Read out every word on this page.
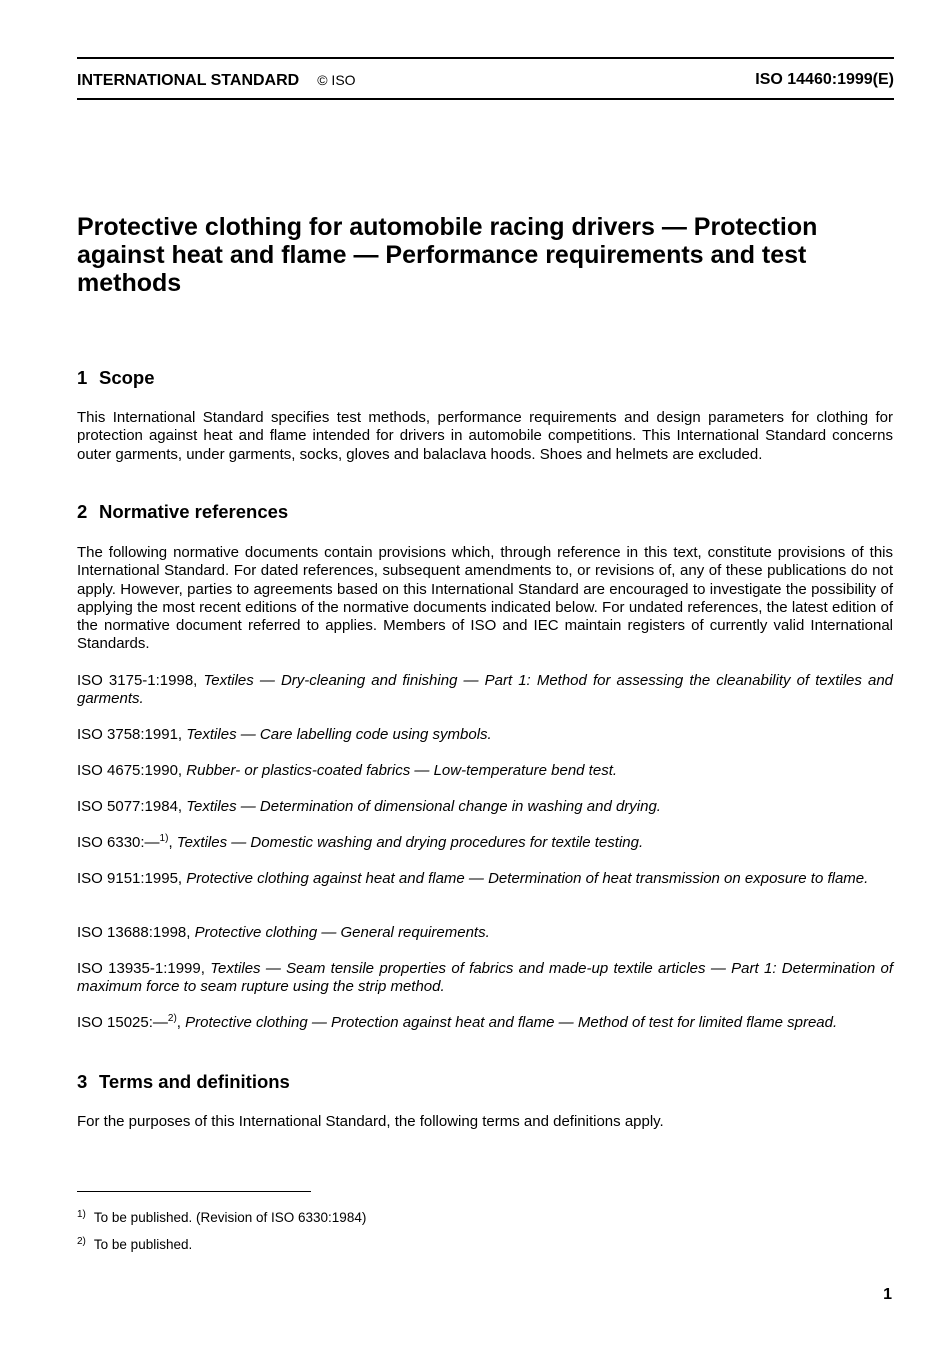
INTERNATIONAL STANDARD © ISO	ISO 14460:1999(E)
Protective clothing for automobile racing drivers — Protection against heat and flame — Performance requirements and test methods
1 Scope

This International Standard specifies test methods, performance requirements and design parameters for clothing for protection against heat and flame intended for drivers in automobile competitions. This International Standard concerns outer garments, under garments, socks, gloves and balaclava hoods. Shoes and helmets are excluded.

2 Normative references

The following normative documents contain provisions which, through reference in this text, constitute provisions of this International Standard. For dated references, subsequent amendments to, or revisions of, any of these publications do not apply. However, parties to agreements based on this International Standard are encouraged to investigate the possibility of applying the most recent editions of the normative documents indicated below. For undated references, the latest edition of the normative document referred to applies. Members of ISO and IEC maintain registers of currently valid International Standards.

ISO 3175-1:1998, Textiles — Dry-cleaning and finishing — Part 1: Method for assessing the cleanability of textiles and garments.

ISO 3758:1991, Textiles — Care labelling code using symbols.

ISO 4675:1990, Rubber- or plastics-coated fabrics — Low-temperature bend test.

ISO 5077:1984, Textiles — Determination of dimensional change in washing and drying.

ISO 6330:—$^{1)}$, Textiles — Domestic washing and drying procedures for textile testing.

ISO 9151:1995, Protective clothing against heat and flame — Determination of heat transmission on exposure to flame.

ISO 13688:1998, Protective clothing — General requirements.

ISO 13935-1:1999, Textiles — Seam tensile properties of fabrics and made-up textile articles — Part 1: Determination of maximum force to seam rupture using the strip method.

ISO 15025:—$^{2)}$, Protective clothing — Protection against heat and flame — Method of test for limited flame spread.

3 Terms and definitions

For the purposes of this International Standard, the following terms and definitions apply.

$^{1)}$ To be published. (Revision of ISO 6330:1984)
$^{2)}$ To be published.
1
